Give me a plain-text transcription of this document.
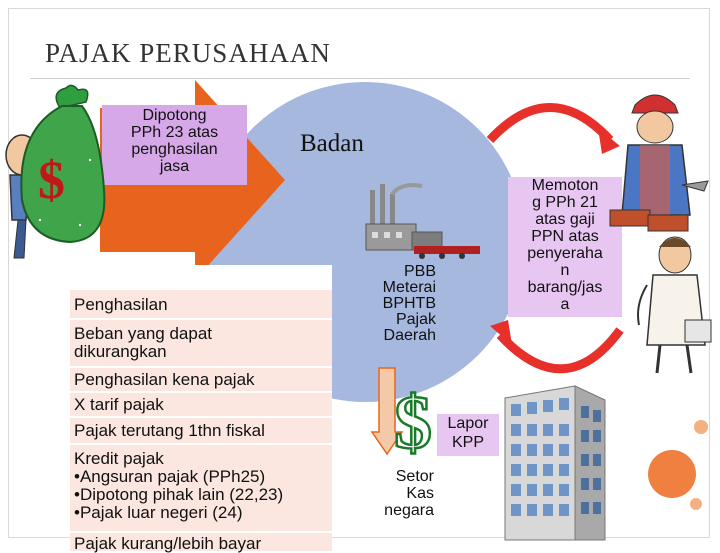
PAJAK PERUSAHAAN
Dipotong
PPh 23 atas
penghasilan
jasa
Badan
$
Penghasilan
Beban yang dapat
dikurangkan
Penghasilan kena pajak
X tarif pajak
Pajak terutang 1thn fiskal
Kredit pajak
•Angsuran pajak (PPh25)
•Dipotong pihak lain (22,23)
•Pajak luar negeri (24)
Pajak kurang/lebih bayar
PBB
Meterai
BPHTB
Pajak
Daerah
$ Lapor
KPP
Setor
Kas
negara
Memoton
g PPh 21
atas gaji
PPN atas
penyeraha
n
barang/jas
a
